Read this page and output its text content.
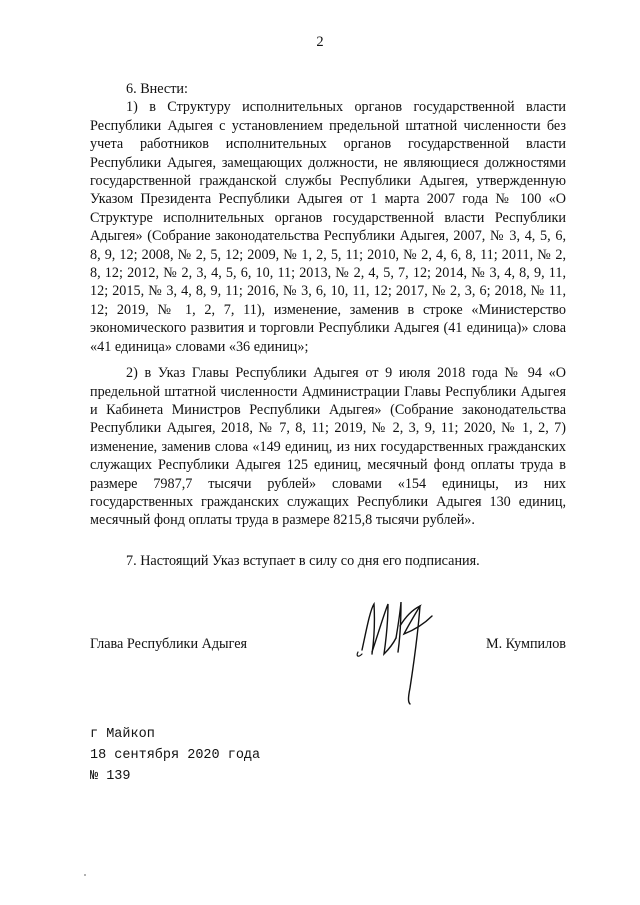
2

6. Внести:

1) в Структуру исполнительных органов государственной власти Республики Адыгея с установлением предельной штатной численности без учета работников исполнительных органов государственной власти Республики Адыгея, замещающих должности, не являющиеся должностями государственной гражданской службы Республики Адыгея, утвержденную Указом Президента Республики Адыгея от 1 марта 2007 года № 100 «О Структуре исполнительных органов государственной власти Республики Адыгея» (Собрание законодательства Республики Адыгея, 2007, № 3, 4, 5, 6, 8, 9, 12; 2008, № 2, 5, 12; 2009, № 1, 2, 5, 11; 2010, № 2, 4, 6, 8, 11; 2011, № 2, 8, 12; 2012, № 2, 3, 4, 5, 6, 10, 11; 2013, № 2, 4, 5, 7, 12; 2014, № 3, 4, 8, 9, 11, 12; 2015, № 3, 4, 8, 9, 11; 2016, № 3, 6, 10, 11, 12; 2017, № 2, 3, 6; 2018, № 11, 12; 2019, № 1, 2, 7, 11), изменение, заменив в строке «Министерство экономического развития и торговли Республики Адыгея (41 единица)» слова «41 единица» словами «36 единиц»;

2) в Указ Главы Республики Адыгея от 9 июля 2018 года № 94 «О предельной штатной численности Администрации Главы Республики Адыгея и Кабинета Министров Республики Адыгея» (Собрание законодательства Республики Адыгея, 2018, № 7, 8, 11; 2019, № 2, 3, 9, 11; 2020, № 1, 2, 7) изменение, заменив слова «149 единиц, из них государственных гражданских служащих Республики Адыгея 125 единиц, месячный фонд оплаты труда в размере 7987,7 тысячи рублей» словами «154 единицы, из них государственных гражданских служащих Республики Адыгея 130 единиц, месячный фонд оплаты труда в размере 8215,8 тысячи рублей».

7. Настоящий Указ вступает в силу со дня его подписания.

Глава Республики Адыгея	М. Кумпилов
г Майкоп
18 сентября 2020 года
№ 139
